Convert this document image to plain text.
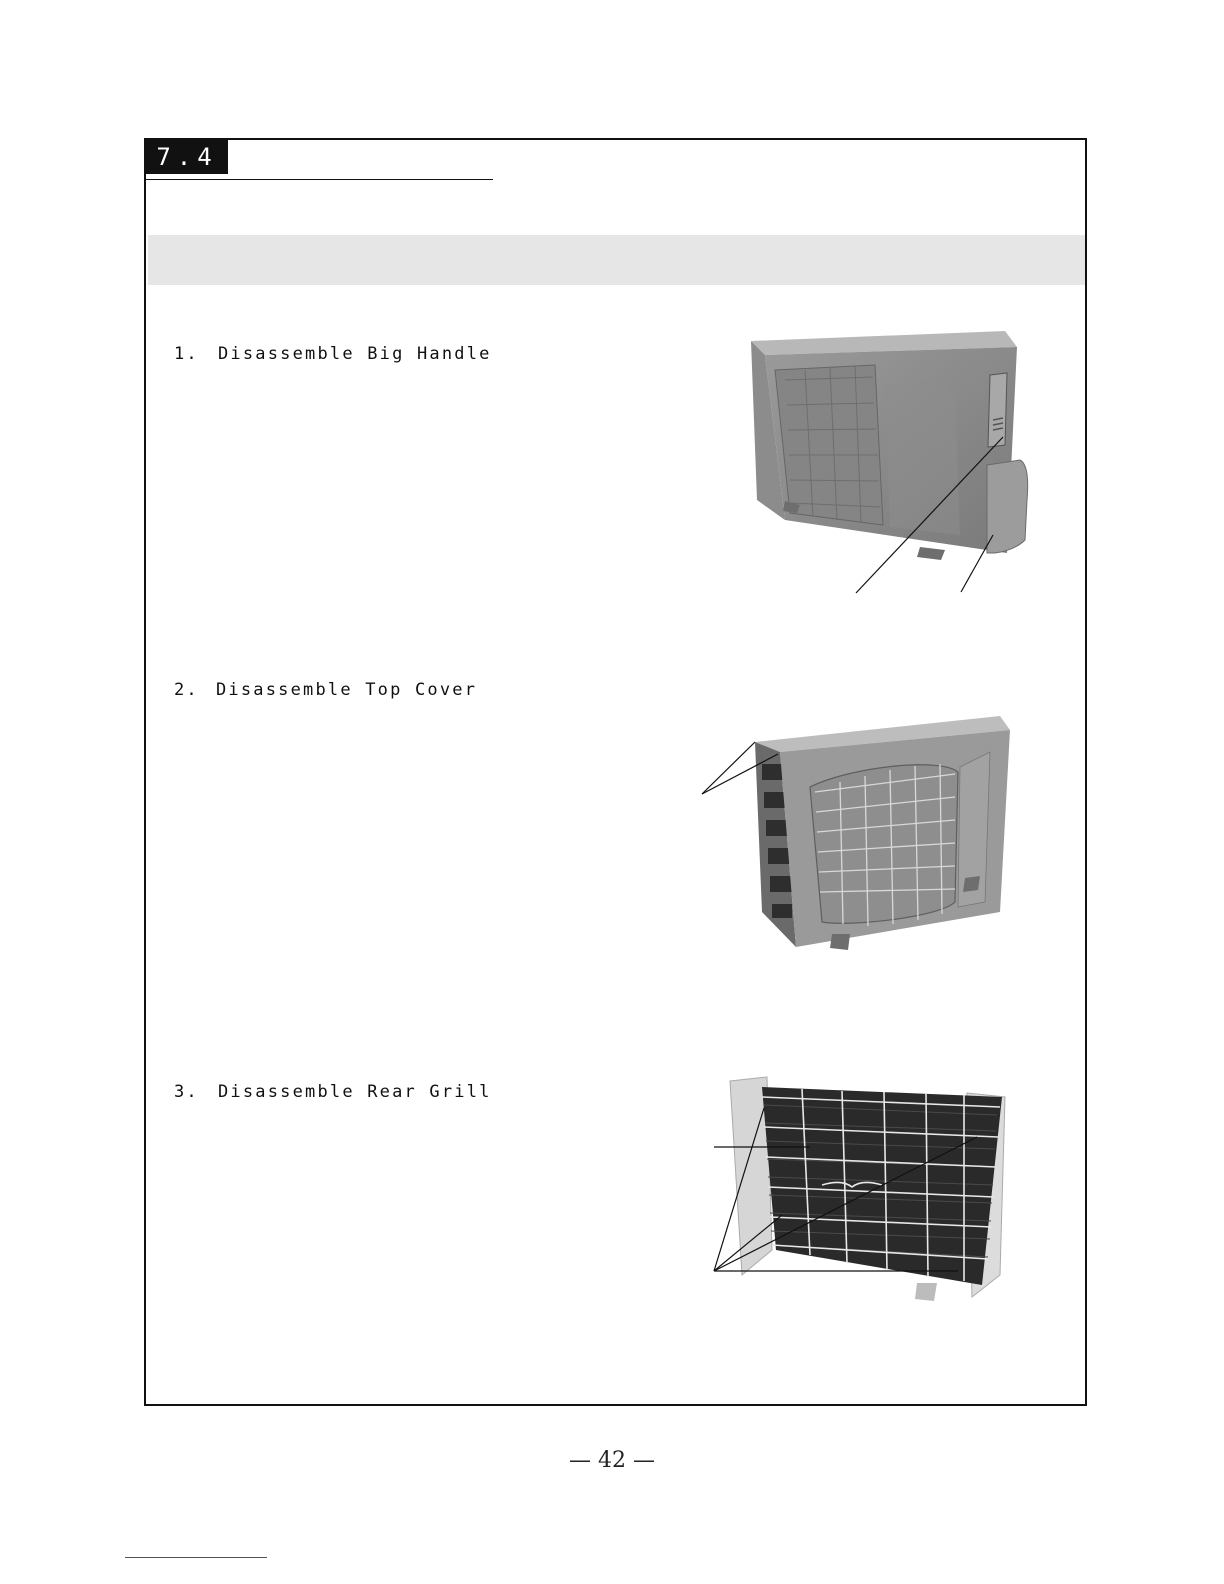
7.4
1. Disassemble Big Handle
2. Disassemble Top Cover
3. Disassemble Rear Grill
— 42 —
